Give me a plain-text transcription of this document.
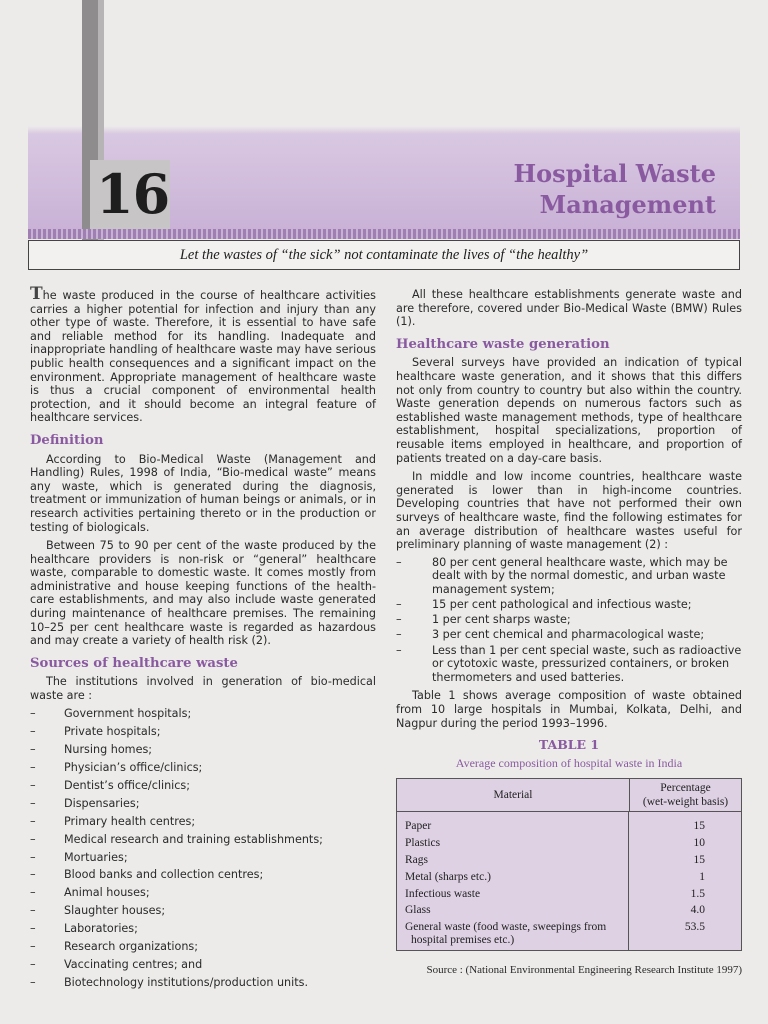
16	Hospital Waste
Management
Let the wastes of “the sick” not contaminate the lives of “the healthy”

The waste produced in the course of healthcare activities carries a higher potential for infection and injury than any other type of waste. Therefore, it is essential to have safe and reliable method for its handling. Inadequate and inappropriate handling of healthcare waste may have serious public health consequences and a significant impact on the environment. Appropriate management of healthcare waste is thus a crucial component of environmental health protection, and it should become an integral feature of healthcare services.

Definition

According to Bio-Medical Waste (Management and Handling) Rules, 1998 of India, “Bio-medical waste” means any waste, which is generated during the diagnosis, treatment or immunization of human beings or animals, or in research activities pertaining thereto or in the production or testing of biologicals.

Between 75 to 90 per cent of the waste produced by the healthcare providers is non-risk or “general” healthcare waste, comparable to domestic waste. It comes mostly from administrative and house keeping functions of the health-care establishments, and may also include waste generated during maintenance of healthcare premises. The remaining 10–25 per cent healthcare waste is regarded as hazardous and may create a variety of health risk (2).

Sources of healthcare waste

The institutions involved in generation of bio-medical waste are :

– Government hospitals;
– Private hospitals;
– Nursing homes;
– Physician’s office/clinics;
– Dentist’s office/clinics;
– Dispensaries;
– Primary health centres;
– Medical research and training establishments;
– Mortuaries;
– Blood banks and collection centres;
– Animal houses;
– Slaughter houses;
– Laboratories;
– Research organizations;
– Vaccinating centres; and
– Biotechnology institutions/production units.

All these healthcare establishments generate waste and are therefore, covered under Bio-Medical Waste (BMW) Rules (1).

Healthcare waste generation

Several surveys have provided an indication of typical healthcare waste generation, and it shows that this differs not only from country to country but also within the country. Waste generation depends on numerous factors such as established waste management methods, type of healthcare establishment, hospital specializations, proportion of reusable items employed in healthcare, and proportion of patients treated on a day-care basis.

In middle and low income countries, healthcare waste generated is lower than in high-income countries. Developing countries that have not performed their own surveys of healthcare waste, find the following estimates for an average distribution of healthcare wastes useful for preliminary planning of waste management (2) :

– 80 per cent general healthcare waste, which may be dealt with by the normal domestic, and urban waste management system;
– 15 per cent pathological and infectious waste;
– 1 per cent sharps waste;
– 3 per cent chemical and pharmacological waste;
– Less than 1 per cent special waste, such as radioactive or cytotoxic waste, pressurized containers, or broken thermometers and used batteries.

Table 1 shows average composition of waste obtained from 10 large hospitals in Mumbai, Kolkata, Delhi, and Nagpur during the period 1993–1996.

TABLE 1
Average composition of hospital waste in India
Material
Percentage
(wet-weight basis)
Paper
Plastics
Rags
Metal (sharps etc.)
Infectious waste
Glass
General waste (food waste, sweepings from
hospital premises etc.)
15
10
15
1
1.5
4.0
53.5
Source : (National Environmental Engineering Research Institute 1997)
